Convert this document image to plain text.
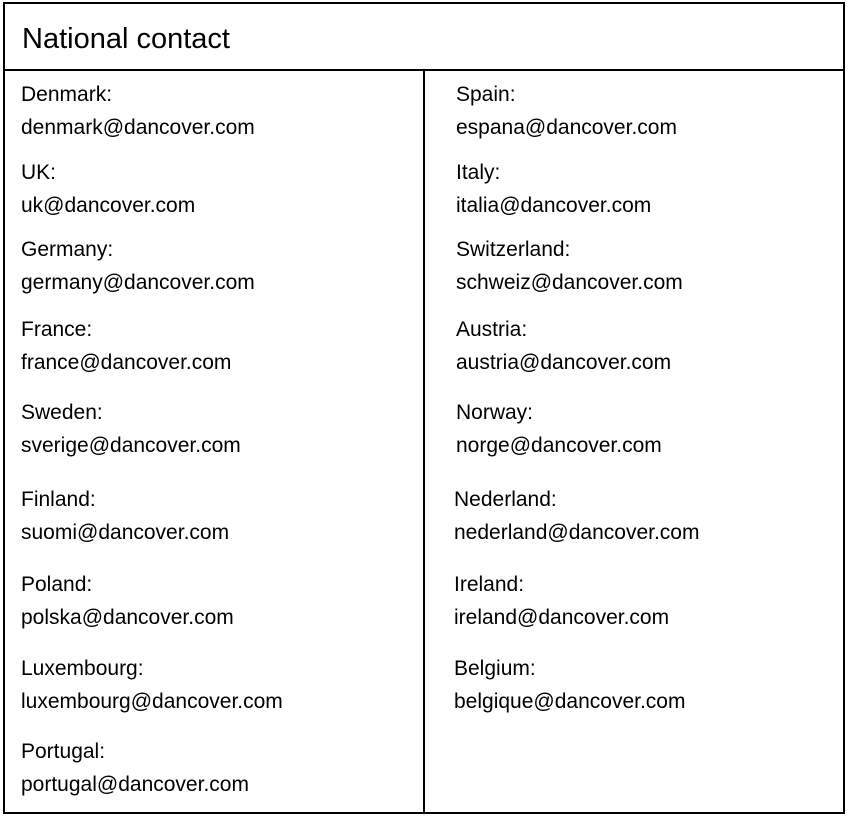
National contact
Denmark:
denmark@dancover.com
UK:
uk@dancover.com
Germany:
germany@dancover.com
France:
france@dancover.com
Sweden:
sverige@dancover.com
Finland:
suomi@dancover.com
Poland:
polska@dancover.com
Luxembourg:
luxembourg@dancover.com
Portugal:
portugal@dancover.com
Spain:
espana@dancover.com
Italy:
italia@dancover.com
Switzerland:
schweiz@dancover.com
Austria:
austria@dancover.com
Norway:
norge@dancover.com
Nederland:
nederland@dancover.com
Ireland:
ireland@dancover.com
Belgium:
belgique@dancover.com
